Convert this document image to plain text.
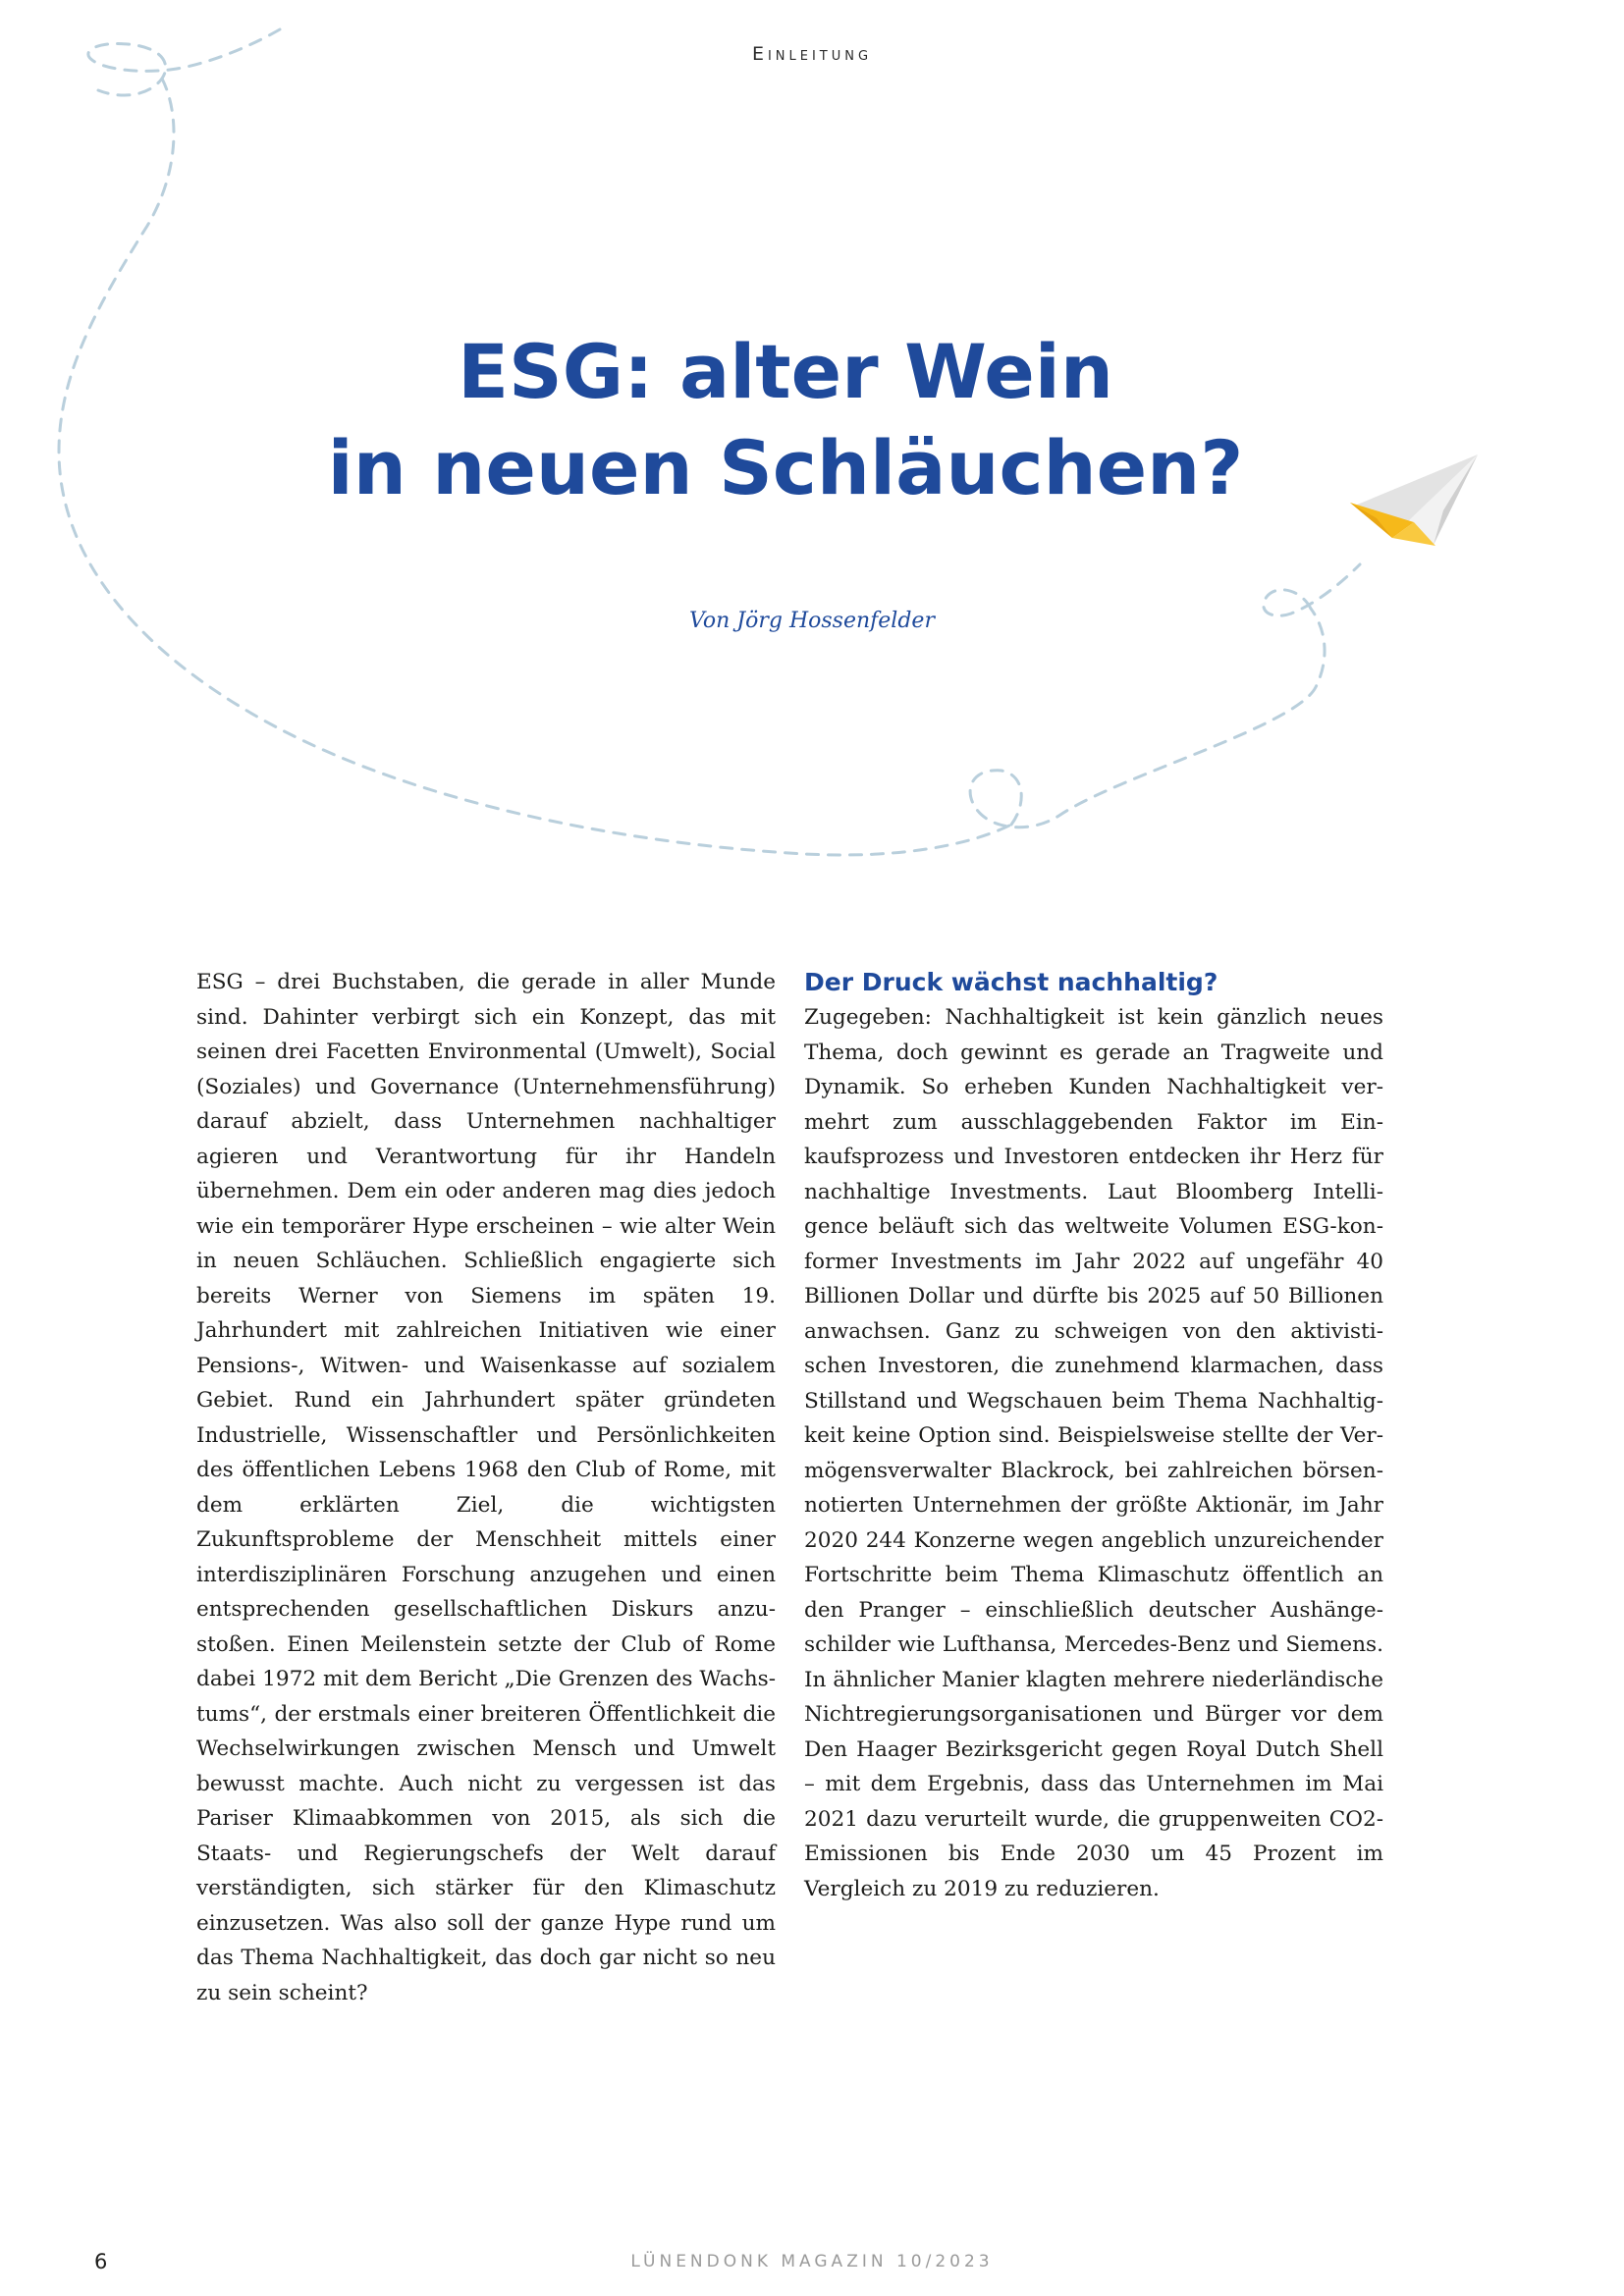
Einleitung
ESG: alter Wein
in neuen Schläuchen?
Von Jörg Hossenfelder

ESG – drei Buchstaben, die gerade in aller Munde sind. Dahinter verbirgt sich ein Konzept, das mit seinen drei Facetten Environmental (Umwelt), Social (Soziales) und Governance (Unternehmensführung) darauf abzielt, dass Unternehmen nachhaltiger agieren und Verantwortung für ihr Handeln übernehmen. Dem ein oder anderen mag dies jedoch wie ein temporärer Hype erscheinen – wie alter Wein in neuen Schläuchen. Schließlich engagierte sich bereits Werner von Siemens im späten 19. Jahrhundert mit zahlreichen Initiativen wie einer Pensions-, Witwen- und Waisenkasse auf sozialem Gebiet. Rund ein Jahrhundert später gründeten Industrielle, Wissenschaftler und Persönlichkeiten des öffentlichen Lebens 1968 den Club of Rome, mit dem erklärten Ziel, die wichtigsten Zukunftsprobleme der Menschheit mittels einer interdisziplinären Forschung anzugehen und einen entsprechenden gesellschaftlichen Diskurs anzustoßen. Einen Meilenstein setzte der Club of Rome dabei 1972 mit dem Bericht „Die Grenzen des Wachstums“, der erstmals einer breiteren Öffentlichkeit die Wechselwirkungen zwischen Mensch und Umwelt bewusst machte. Auch nicht zu vergessen ist das Pariser Klimaabkommen von 2015, als sich die Staats- und Regierungschefs der Welt darauf verständigten, sich stärker für den Klimaschutz einzusetzen. Was also soll der ganze Hype rund um das Thema Nachhaltigkeit, das doch gar nicht so neu zu sein scheint?

Der Druck wächst nachhaltig?

Zugegeben: Nachhaltigkeit ist kein gänzlich neues Thema, doch gewinnt es gerade an Tragweite und Dynamik. So erheben Kunden Nachhaltigkeit vermehrt zum ausschlaggebenden Faktor im Einkaufsprozess und Investoren entdecken ihr Herz für nachhaltige Investments. Laut Bloomberg Intelligence beläuft sich das weltweite Volumen ESG-konformer Investments im Jahr 2022 auf ungefähr 40 Billionen Dollar und dürfte bis 2025 auf 50 Billionen anwachsen. Ganz zu schweigen von den aktivistischen Investoren, die zunehmend klarmachen, dass Stillstand und Wegschauen beim Thema Nachhaltigkeit keine Option sind. Beispielsweise stellte der Vermögensverwalter Blackrock, bei zahlreichen börsennotierten Unternehmen der größte Aktionär, im Jahr 2020 244 Konzerne wegen angeblich unzureichender Fortschritte beim Thema Klimaschutz öffentlich an den Pranger – einschließlich deutscher Aushängeschilder wie Lufthansa, Mercedes-Benz und Siemens. In ähnlicher Manier klagten mehrere niederländische Nichtregierungsorganisationen und Bürger vor dem Den Haager Bezirksgericht gegen Royal Dutch Shell – mit dem Ergebnis, dass das Unternehmen im Mai 2021 dazu verurteilt wurde, die gruppenweiten CO2-Emissionen bis Ende 2030 um 45 Prozent im Vergleich zu 2019 zu reduzieren.

6	LÜNENDONK MAGAZIN 10/2023
